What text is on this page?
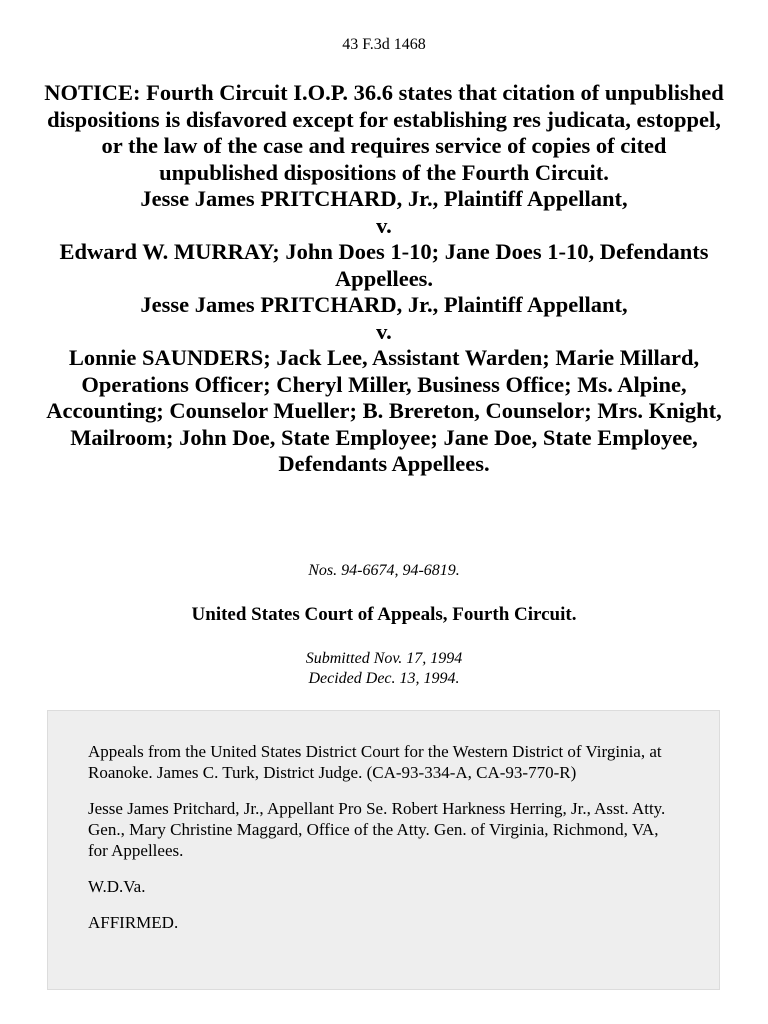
43 F.3d 1468
NOTICE: Fourth Circuit I.O.P. 36.6 states that citation of unpublished dispositions is disfavored except for establishing res judicata, estoppel, or the law of the case and requires service of copies of cited unpublished dispositions of the Fourth Circuit.
Jesse James PRITCHARD, Jr., Plaintiff Appellant,
v.
Edward W. MURRAY; John Does 1-10; Jane Does 1-10, Defendants Appellees.
Jesse James PRITCHARD, Jr., Plaintiff Appellant,
v.
Lonnie SAUNDERS; Jack Lee, Assistant Warden; Marie Millard, Operations Officer; Cheryl Miller, Business Office; Ms. Alpine, Accounting; Counselor Mueller; B. Brereton, Counselor; Mrs. Knight, Mailroom; John Doe, State Employee; Jane Doe, State Employee, Defendants Appellees.
Nos. 94-6674, 94-6819.
United States Court of Appeals, Fourth Circuit.
Submitted Nov. 17, 1994
Decided Dec. 13, 1994.

Appeals from the United States District Court for the Western District of Virginia, at Roanoke. James C. Turk, District Judge. (CA-93-334-A, CA-93-770-R)

Jesse James Pritchard, Jr., Appellant Pro Se. Robert Harkness Herring, Jr., Asst. Atty. Gen., Mary Christine Maggard, Office of the Atty. Gen. of Virginia, Richmond, VA, for Appellees.

W.D.Va.

AFFIRMED.
